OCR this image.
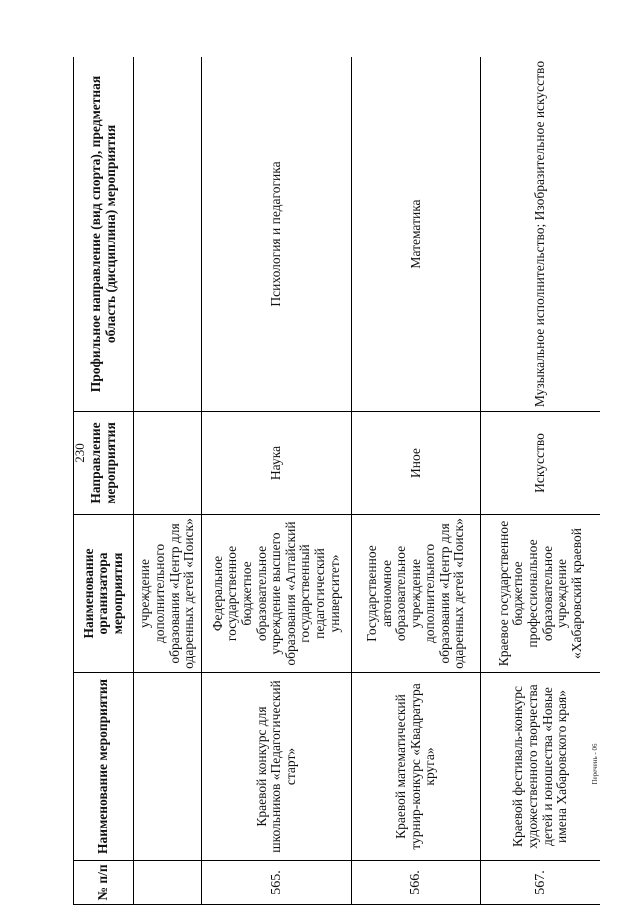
230
Перечень - 06
№ п/п	Наименование мероприятия	Наименование организатора мероприятия	Направление мероприятия	Профильное направление (вид спорта), предметная область (дисциплина) мероприятия
		учреждение дополнительного образования «Центр для одаренных детей «Поиск»		
565.	Краевой конкурс для школьников «Педагогический старт»	Федеральное государственное бюджетное образовательное учреждение высшего образования «Алтайский государственный педагогический университет»	Наука	Психология и педагогика
566.	Краевой математический турнир-конкурс «Квадратура круга»	Государственное автономное образовательное учреждение дополнительного образования «Центр для одаренных детей «Поиск»	Иное	Математика
567.	Краевой фестиваль-конкурс художественного творчества детей и юношества «Новые имена Хабаровского края»	Краевое государственное бюджетное профессиональное образовательное учреждение «Хабаровский краевой	Искусство	Музыкальное исполнительство; Изобразительное искусство
